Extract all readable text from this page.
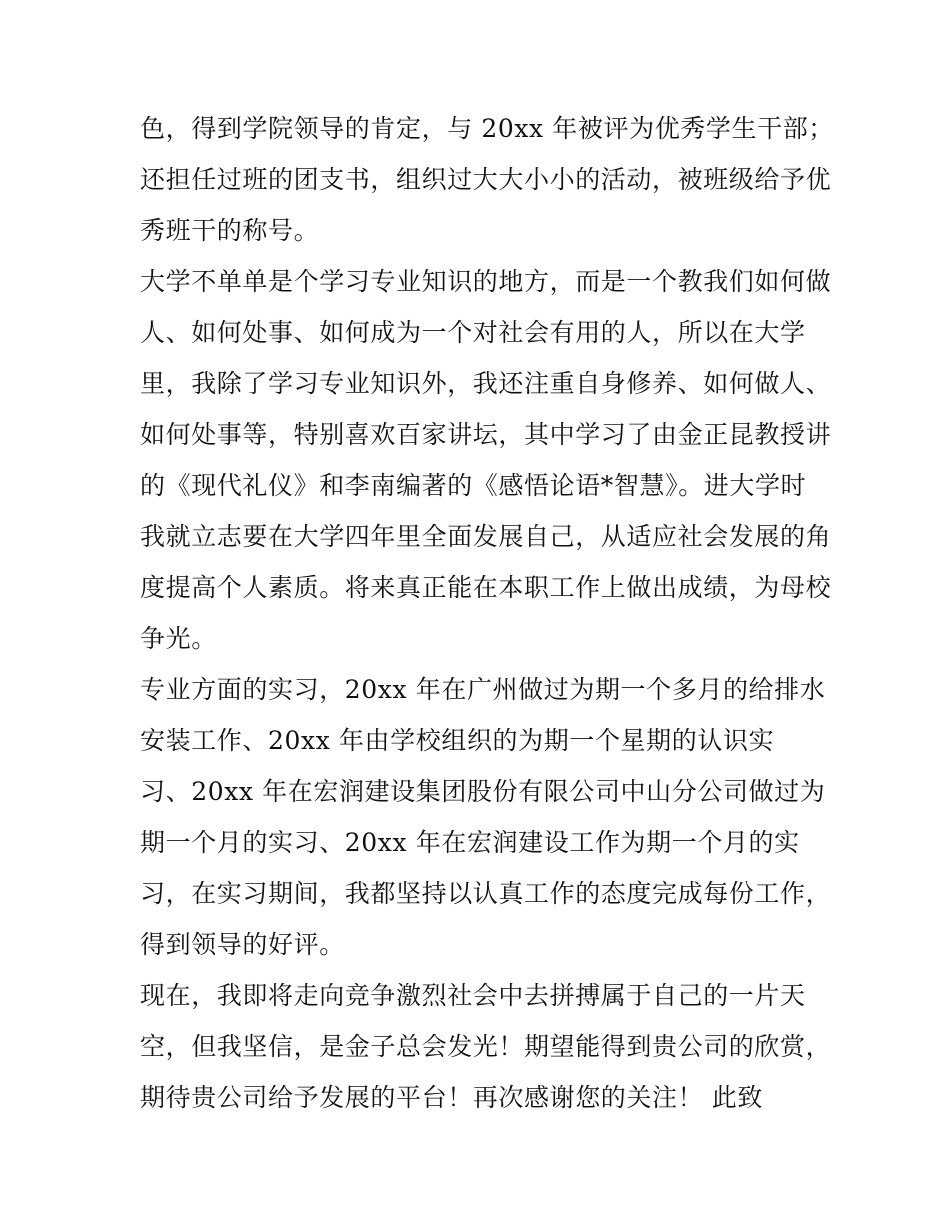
色，得到学院领导的肯定，与 20xx 年被评为优秀学生干部；
还担任过班的团支书，组织过大大小小的活动，被班级给予优
秀班干的称号。
大学不单单是个学习专业知识的地方，而是一个教我们如何做
人、如何处事、如何成为一个对社会有用的人，所以在大学
里，我除了学习专业知识外，我还注重自身修养、如何做人、
如何处事等，特别喜欢百家讲坛，其中学习了由金正昆教授讲
的《现代礼仪》和李南编著的《感悟论语*智慧》。进大学时
我就立志要在大学四年里全面发展自己，从适应社会发展的角
度提高个人素质。将来真正能在本职工作上做出成绩，为母校
争光。
专业方面的实习，20xx 年在广州做过为期一个多月的给排水
安装工作、20xx 年由学校组织的为期一个星期的认识实
习、20xx 年在宏润建设集团股份有限公司中山分公司做过为
期一个月的实习、20xx 年在宏润建设工作为期一个月的实
习，在实习期间，我都坚持以认真工作的态度完成每份工作，
得到领导的好评。
现在，我即将走向竞争激烈社会中去拼搏属于自己的一片天
空，但我坚信，是金子总会发光！期望能得到贵公司的欣赏，
期待贵公司给予发展的平台！再次感谢您的关注！ 此致
